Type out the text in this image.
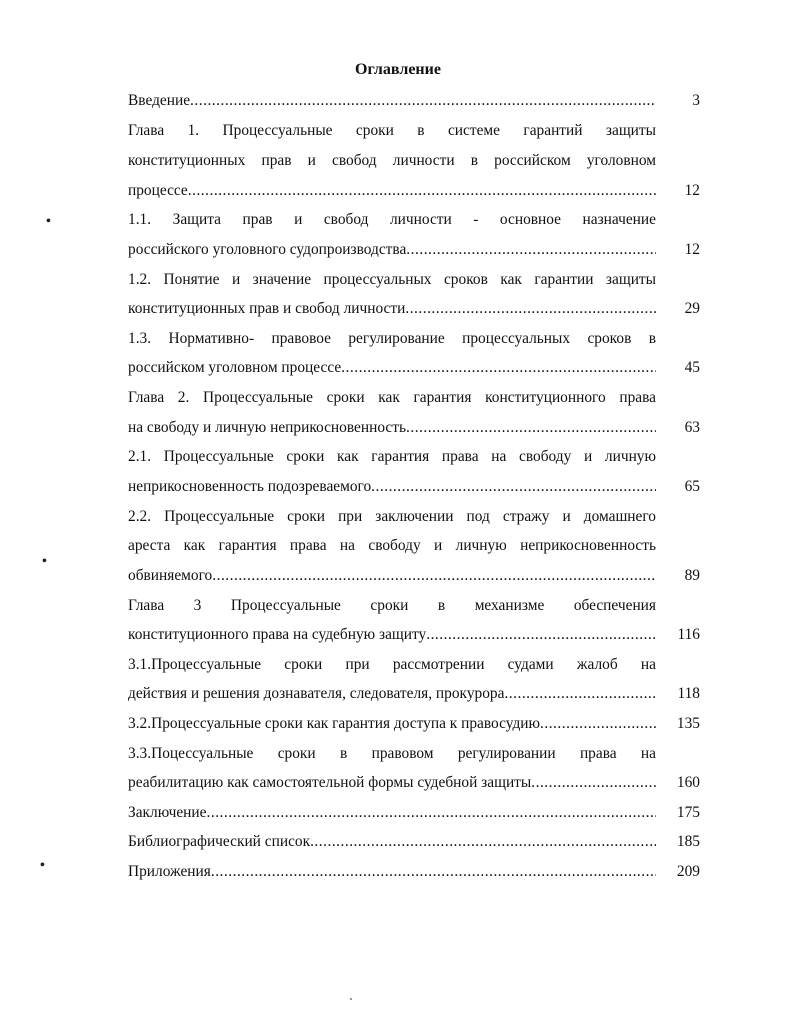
Оглавление
Введение .....	3
Глава 1. Процессуальные сроки в системе гарантий защиты
конституционных прав и свобод личности в российском уголовном
процессе .....	12
1.1. Защита прав и свобод личности - основное назначение
российского уголовного судопроизводства .....	12
1.2. Понятие и значение процессуальных сроков как гарантии защиты
конституционных прав и свобод личности .....	29
1.3. Нормативно- правовое регулирование процессуальных сроков в
российском уголовном процессе .....	45
Глава 2. Процессуальные сроки как гарантия конституционного права
на свободу и личную неприкосновенность .....	63
2.1. Процессуальные сроки как гарантия права на свободу и личную
неприкосновенность подозреваемого .....	65
2.2. Процессуальные сроки при заключении под стражу и домашнего
ареста как гарантия права на свободу и личную неприкосновенность
обвиняемого .....	89
Глава 3 Процессуальные сроки в механизме обеспечения
конституционного права на судебную защиту .....	116
3.1.Процессуальные сроки при рассмотрении судами жалоб на
действия и решения дознавателя, следователя, прокурора .....	118
3.2.Процессуальные сроки как гарантия доступа к правосудию .....	135
3.3.Поцессуальные сроки в правовом регулировании права на
реабилитацию как самостоятельной формы судебной защиты .....	160
Заключение .....	175
Библиографический список .....	185
Приложения .....	209
•
•
•
